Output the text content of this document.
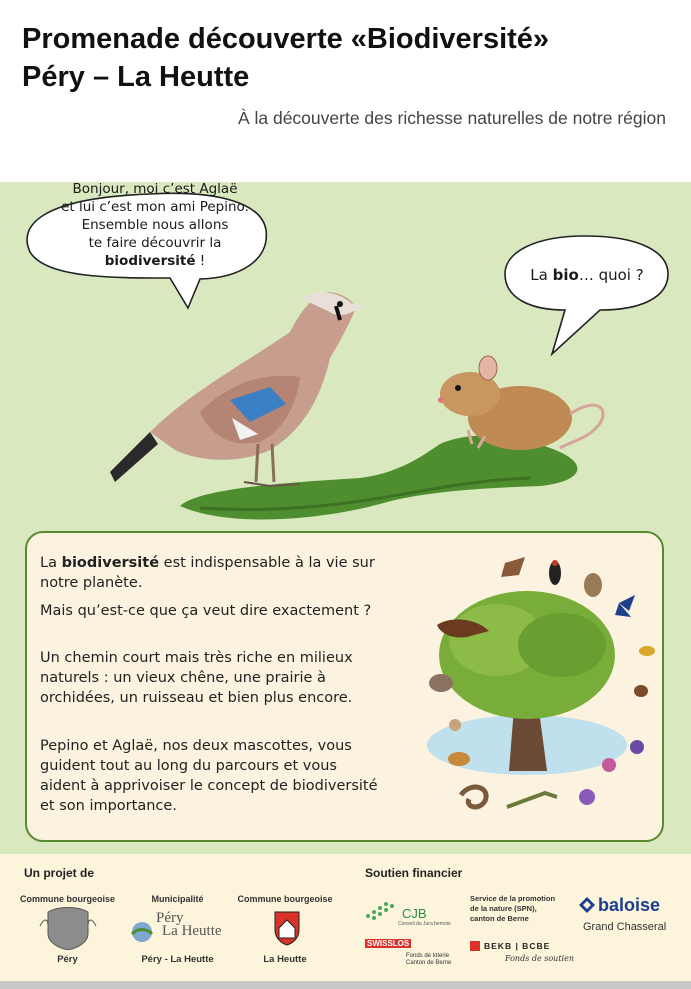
Promenade découverte «Biodiversité»
Péry – La Heutte
À la découverte des richesse naturelles de notre région
Bonjour, moi c’est Aglaë
et lui c’est mon ami Pepino.
Ensemble nous allons
te faire découvrir la
biodiversité !
La bio… quoi ?

La biodiversité est indispensable à la vie sur notre planète.

Mais qu’est-ce que ça veut dire exactement ?

Un chemin court mais très riche en milieux naturels : un vieux chêne, une prairie à orchidées, un ruisseau et bien plus encore.

Pepino et Aglaë, nos deux mascottes, vous guident tout au long du parcours et vous aident à apprivoiser le concept de biodiversité et son importance.

Un projet de	Soutien financier
Commune bourgeoise
Péry
Municipalité
Péry
La Heutte
Péry - La Heutte
Commune bourgeoise
La Heutte
CJB
Conseil du Jura bernois
SWISSLOS
Fonds de loterie
Canton de Berne
Service de la promotion
de la nature (SPN),
canton de Berne
BEKB | BCBE
Fonds de soutien
baloise
Grand Chasseral
